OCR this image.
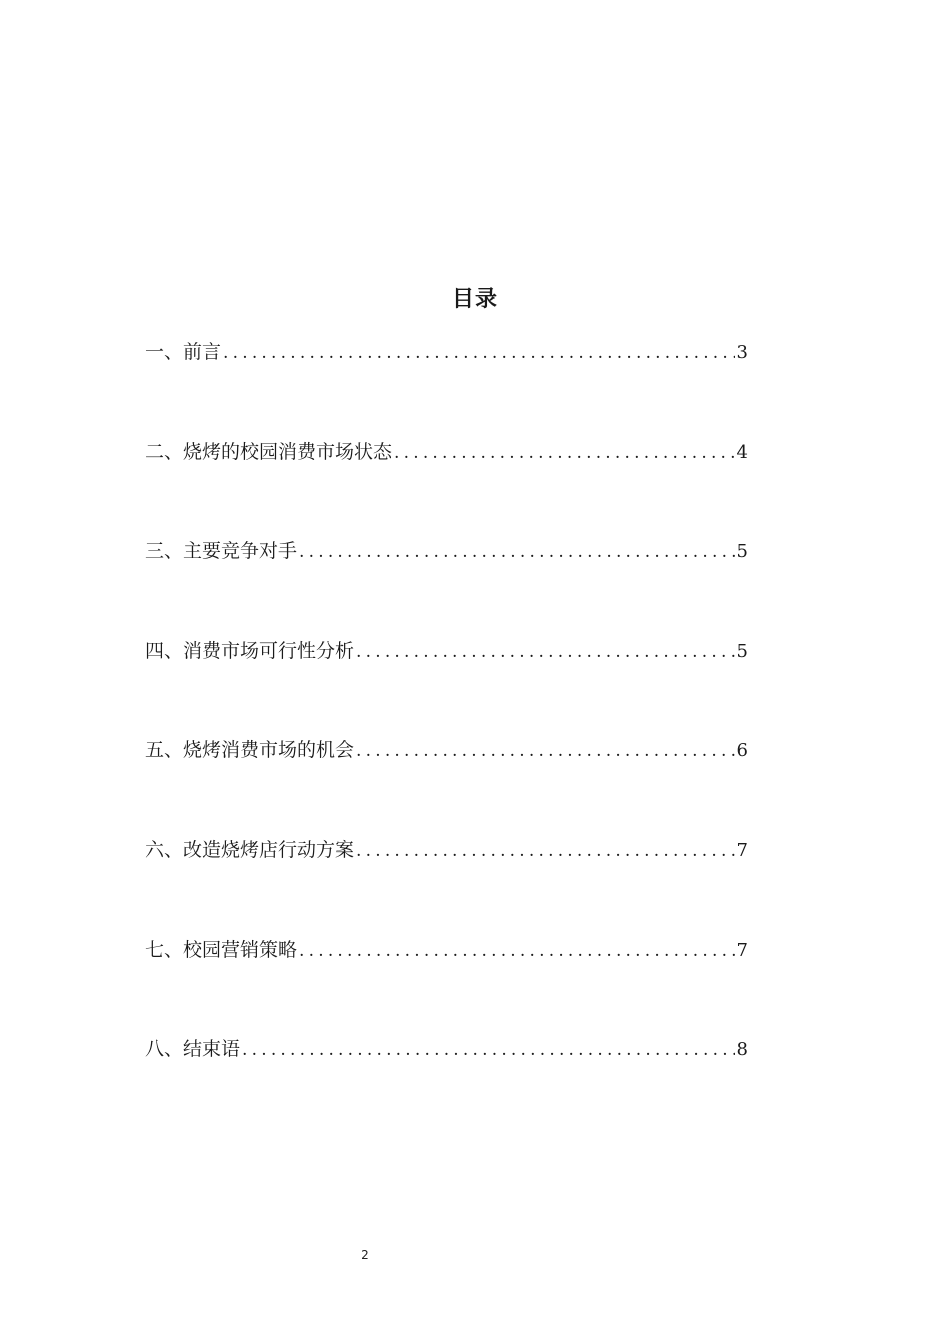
目录
一、前言 .....	3
二、烧烤的校园消费市场状态 .....	4
三、主要竞争对手 .....	5
四、消费市场可行性分析 .....	5
五、烧烤消费市场的机会 .....	6
六、改造烧烤店行动方案 .....	7
七、校园营销策略 .....	7
八、结束语 .....	8
2
